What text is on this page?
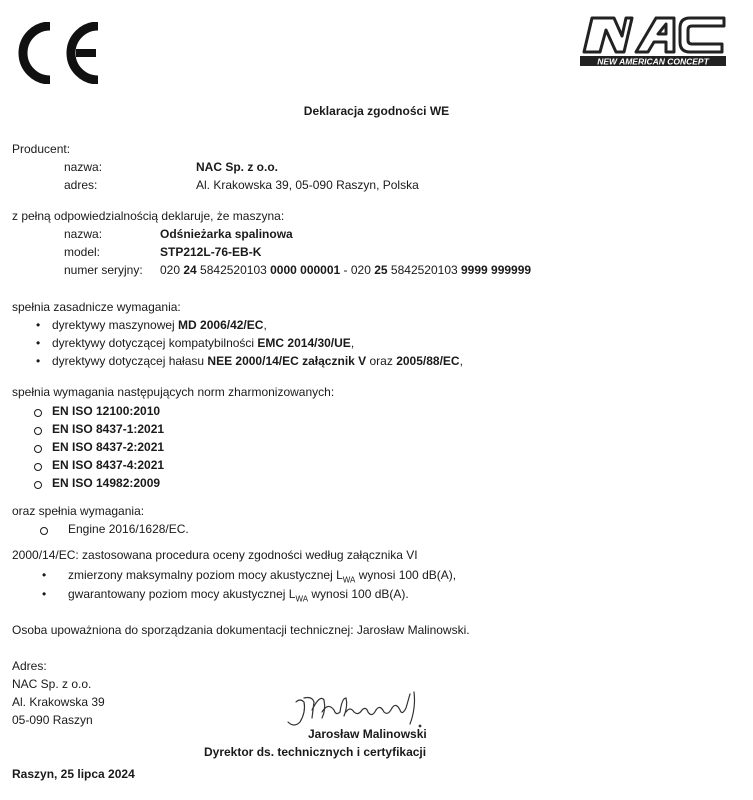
NEW AMERICAN CONCEPT
Deklaracja zgodności WE
Producent:
nazwa:	NAC Sp. z o.o.
adres:	Al. Krakowska 39, 05-090 Raszyn, Polska
z pełną odpowiedzialnością deklaruje, że maszyna:
nazwa:	Odśnieżarka spalinowa
model:	STP212L-76-EB-K
numer seryjny: 020 24 5842520103 0000 000001 - 020 25 5842520103 9999 999999
spełnia zasadnicze wymagania:
• dyrektywy maszynowej MD 2006/42/EC,
• dyrektywy dotyczącej kompatybilności EMC 2014/30/UE,
• dyrektywy dotyczącej hałasu NEE 2000/14/EC załącznik V oraz 2005/88/EC,
spełnia wymagania następujących norm zharmonizowanych:
EN ISO 12100:2010
EN ISO 8437-1:2021
EN ISO 8437-2:2021
EN ISO 8437-4:2021
EN ISO 14982:2009
oraz spełnia wymagania:
Engine 2016/1628/EC.
2000/14/EC: zastosowana procedura oceny zgodności według załącznika VI
• zmierzony maksymalny poziom mocy akustycznej $L_{WA}$ wynosi 100 dB(A),
• gwarantowany poziom mocy akustycznej $L_{WA}$ wynosi 100 dB(A).
Osoba upoważniona do sporządzania dokumentacji technicznej: Jarosław Malinowski.
Adres:
NAC Sp. z o.o.
Al. Krakowska 39
05-090 Raszyn
Jarosław Malinowski
Dyrektor ds. technicznych i certyfikacji
Raszyn, 25 lipca 2024
